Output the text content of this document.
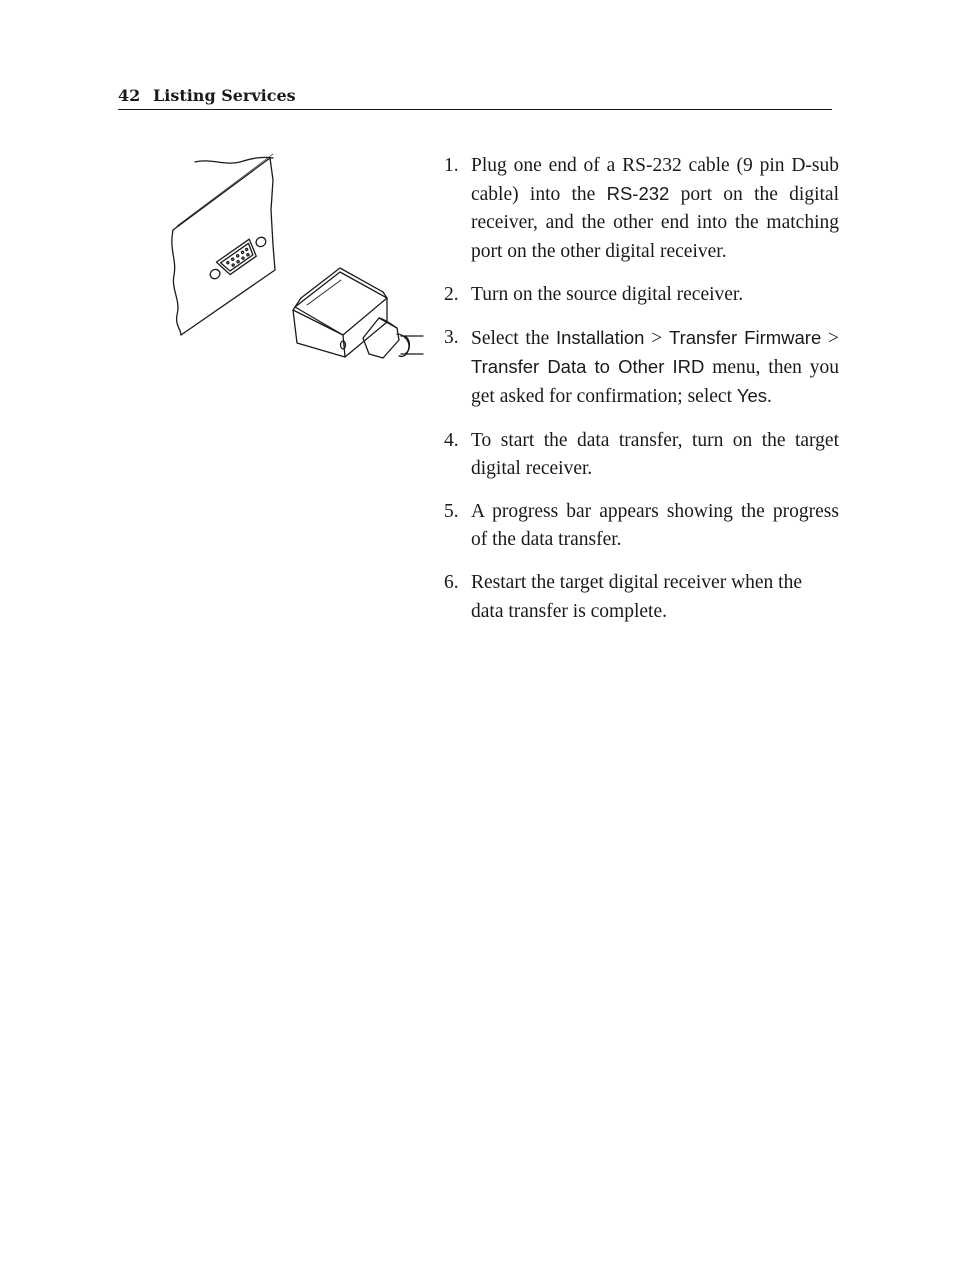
42 Listing Services
1. Plug one end of a RS-232 cable (9 pin D-sub cable) into the RS-232 port on the digital receiver, and the other end into the matching port on the other digital receiver.
2. Turn on the source digital receiver.
3. Select the Installation > Transfer Firmware > Transfer Data to Other IRD menu, then you get asked for confirmation; select Yes.
4. To start the data transfer, turn on the target digital receiver.
5. A progress bar appears showing the progress of the data transfer.
6. Restart the target digital receiver when the data transfer is complete.
